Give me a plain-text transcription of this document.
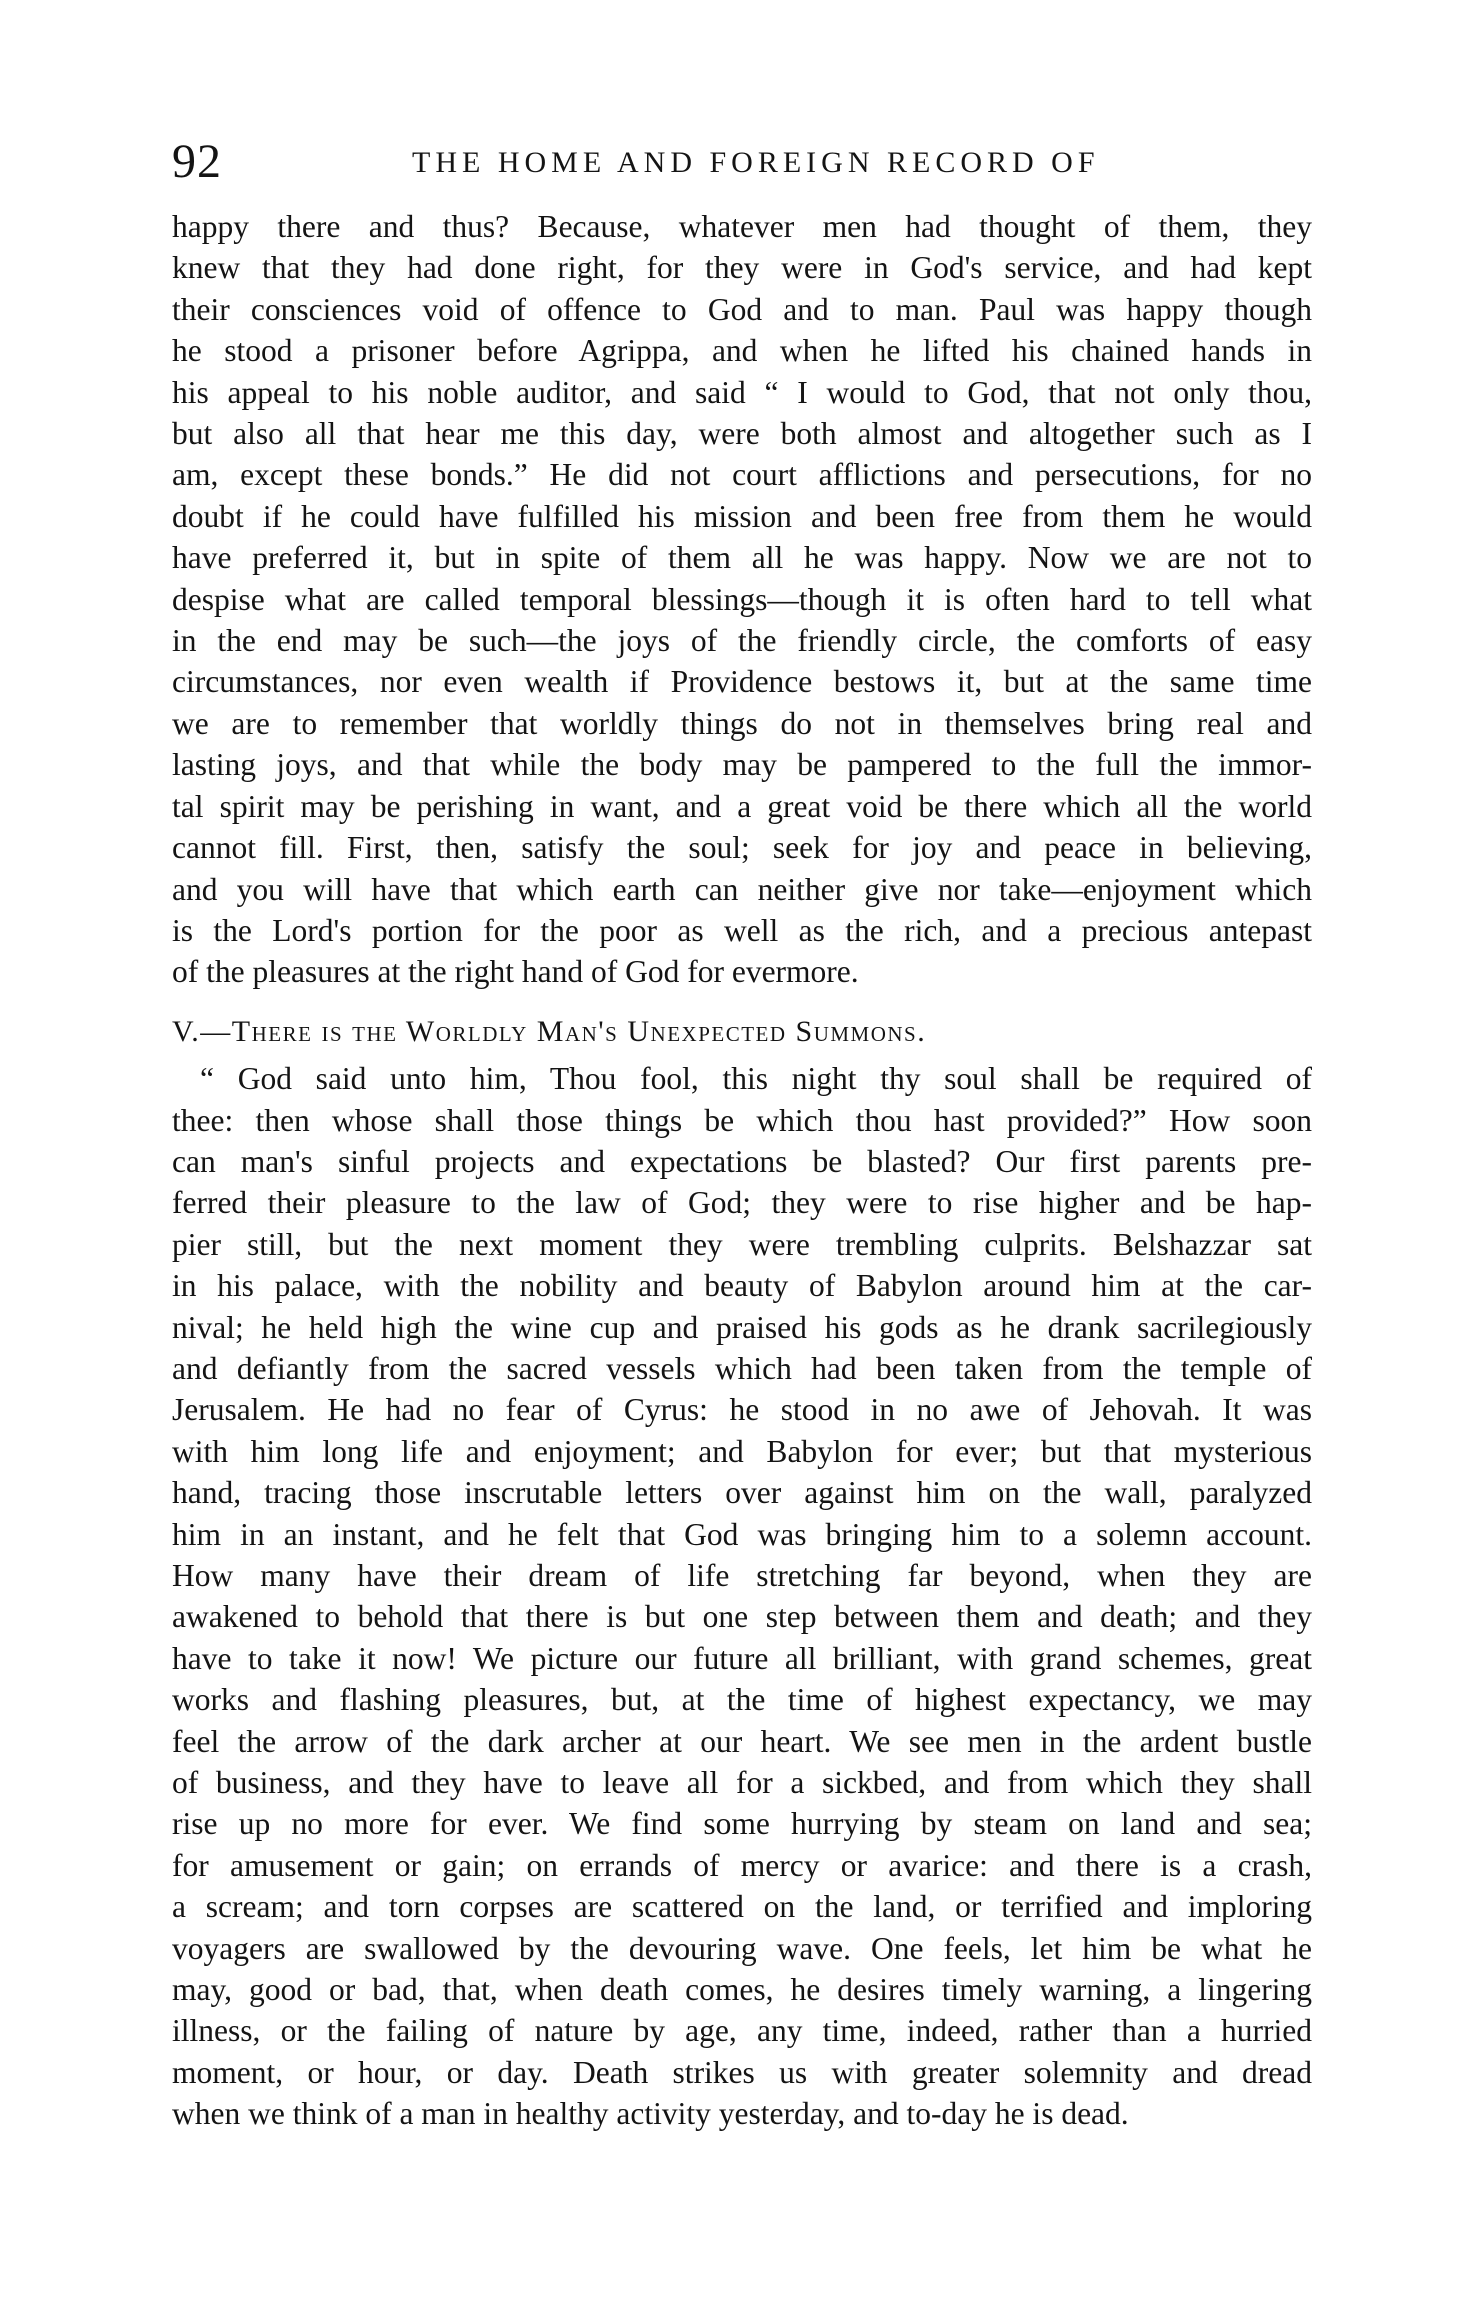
92	THE HOME AND FOREIGN RECORD OF
happy there and thus? Because, whatever men had thought of them, they
knew that they had done right, for they were in God's service, and had kept
their consciences void of offence to God and to man. Paul was happy though
he stood a prisoner before Agrippa, and when he lifted his chained hands in
his appeal to his noble auditor, and said “ I would to God, that not only thou,
but also all that hear me this day, were both almost and altogether such as I
am, except these bonds.” He did not court afflictions and persecutions, for no
doubt if he could have fulfilled his mission and been free from them he would
have preferred it, but in spite of them all he was happy. Now we are not to
despise what are called temporal blessings—though it is often hard to tell what
in the end may be such—the joys of the friendly circle, the comforts of easy
circumstances, nor even wealth if Providence bestows it, but at the same time
we are to remember that worldly things do not in themselves bring real and
lasting joys, and that while the body may be pampered to the full the immor-
tal spirit may be perishing in want, and a great void be there which all the world
cannot fill. First, then, satisfy the soul; seek for joy and peace in believing,
and you will have that which earth can neither give nor take—enjoyment which
is the Lord's portion for the poor as well as the rich, and a precious antepast
of the pleasures at the right hand of God for evermore.
V.—There is the Worldly Man's Unexpected Summons.
“ God said unto him, Thou fool, this night thy soul shall be required of
thee: then whose shall those things be which thou hast provided?” How soon
can man's sinful projects and expectations be blasted? Our first parents pre-
ferred their pleasure to the law of God; they were to rise higher and be hap-
pier still, but the next moment they were trembling culprits. Belshazzar sat
in his palace, with the nobility and beauty of Babylon around him at the car-
nival; he held high the wine cup and praised his gods as he drank sacrilegiously
and defiantly from the sacred vessels which had been taken from the temple of
Jerusalem. He had no fear of Cyrus: he stood in no awe of Jehovah. It was
with him long life and enjoyment; and Babylon for ever; but that mysterious
hand, tracing those inscrutable letters over against him on the wall, paralyzed
him in an instant, and he felt that God was bringing him to a solemn account.
How many have their dream of life stretching far beyond, when they are
awakened to behold that there is but one step between them and death; and they
have to take it now! We picture our future all brilliant, with grand schemes, great
works and flashing pleasures, but, at the time of highest expectancy, we may
feel the arrow of the dark archer at our heart. We see men in the ardent bustle
of business, and they have to leave all for a sickbed, and from which they shall
rise up no more for ever. We find some hurrying by steam on land and sea;
for amusement or gain; on errands of mercy or avarice: and there is a crash,
a scream; and torn corpses are scattered on the land, or terrified and imploring
voyagers are swallowed by the devouring wave. One feels, let him be what he
may, good or bad, that, when death comes, he desires timely warning, a lingering
illness, or the failing of nature by age, any time, indeed, rather than a hurried
moment, or hour, or day. Death strikes us with greater solemnity and dread
when we think of a man in healthy activity yesterday, and to-day he is dead.
